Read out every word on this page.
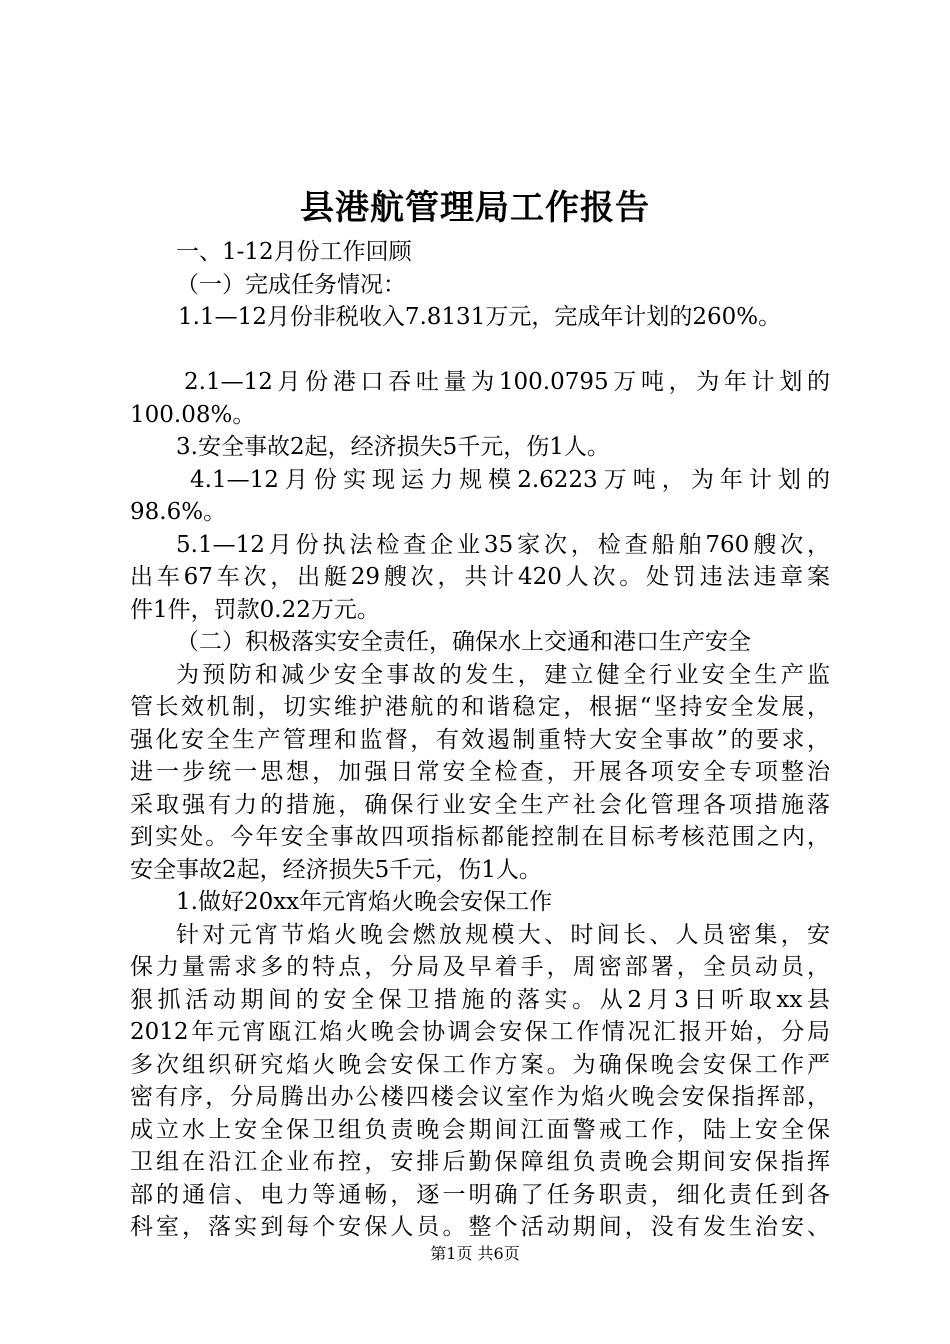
县港航管理局工作报告
一、1-12月份工作回顾
（一）完成任务情况：
1.1—12月份非税收入7.8131万元，完成年计划的260%。
2.1—12月份港口吞吐量为100.0795万吨，为年计划的
100.08%。
3.安全事故2起，经济损失5千元，伤1人。
4.1—12月份实现运力规模2.6223万吨，为年计划的
98.6%。
5.1—12月份执法检查企业35家次，检查船舶760艘次，
出车67车次，出艇29艘次，共计420人次。处罚违法违章案
件1件，罚款0.22万元。
（二）积极落实安全责任，确保水上交通和港口生产安全
为预防和减少安全事故的发生，建立健全行业安全生产监
管长效机制，切实维护港航的和谐稳定，根据“坚持安全发展，
强化安全生产管理和监督，有效遏制重特大安全事故”的要求，
进一步统一思想，加强日常安全检查，开展各项安全专项整治
采取强有力的措施，确保行业安全生产社会化管理各项措施落
到实处。今年安全事故四项指标都能控制在目标考核范围之内，
安全事故2起，经济损失5千元，伤1人。
1.做好20xx年元宵焰火晚会安保工作
针对元宵节焰火晚会燃放规模大、时间长、人员密集，安
保力量需求多的特点，分局及早着手，周密部署，全员动员，
狠抓活动期间的安全保卫措施的落实。从2月3日听取xx县
2012年元宵瓯江焰火晚会协调会安保工作情况汇报开始，分局
多次组织研究焰火晚会安保工作方案。为确保晚会安保工作严
密有序，分局腾出办公楼四楼会议室作为焰火晚会安保指挥部，
成立水上安全保卫组负责晚会期间江面警戒工作，陆上安全保
卫组在沿江企业布控，安排后勤保障组负责晚会期间安保指挥
部的通信、电力等通畅，逐一明确了任务职责，细化责任到各
科室，落实到每个安保人员。整个活动期间，没有发生治安、
第1页 共6页
